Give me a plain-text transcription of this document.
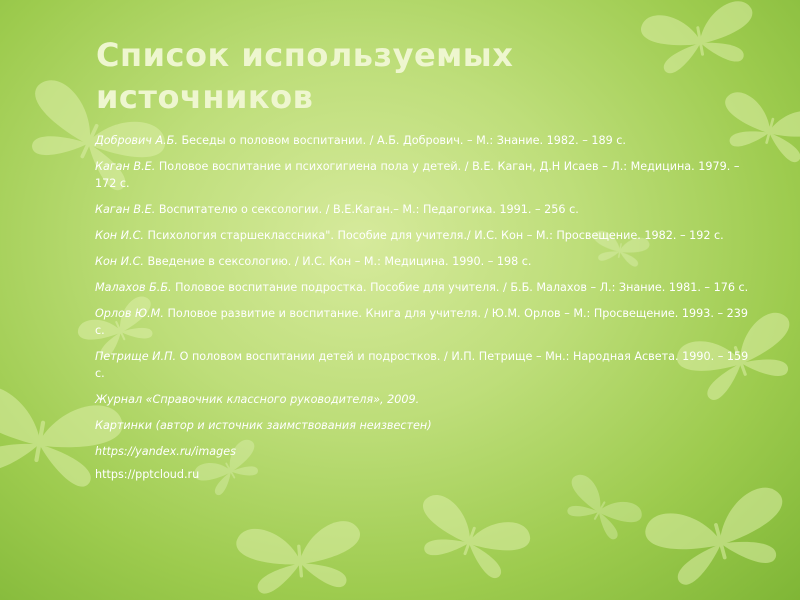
Список используемых источников
Добрович А.Б. Беседы о половом воспитании. / А.Б. Добрович. – М.: Знание. 1982. – 189 с.
Каган В.Е. Половое воспитание и психогигиена пола у детей. / В.Е. Каган, Д.Н Исаев – Л.: Медицина. 1979. – 172 с.
Каган В.Е. Воспитателю о сексологии. / В.Е.Каган.– М.: Педагогика. 1991. – 256 с.
Кон И.С. Психология старшеклассника". Пособие для учителя./ И.С. Кон – М.: Просвещение. 1982. – 192 с.
Кон И.С. Введение в сексологию. / И.С. Кон – М.: Медицина. 1990. – 198 с.
Малахов Б.Б. Половое воспитание подростка. Пособие для учителя. / Б.Б. Малахов – Л.: Знание. 1981. – 176 с.
Орлов Ю.М. Половое развитие и воспитание. Книга для учителя. / Ю.М. Орлов – М.: Просвещение. 1993. – 239 с.
Петрище И.П. О половом воспитании детей и подростков. / И.П. Петрище – Мн.: Народная Асвета. 1990. – 159 с.
Журнал «Справочник классного руководителя», 2009.
Картинки (автор и источник заимствования неизвестен)
https://yandex.ru/images
https://pptcloud.ru
